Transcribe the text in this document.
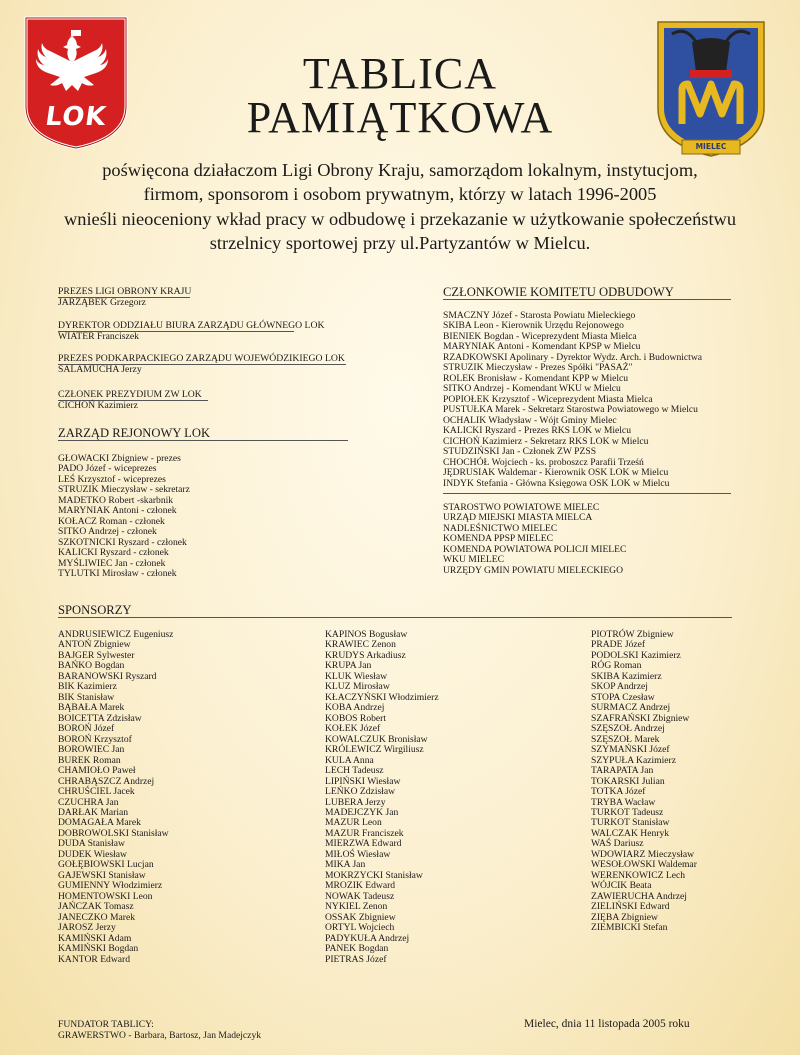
LOK
MIELEC
TABLICA PAMIĄTKOWA
poświęcona działaczom Ligi Obrony Kraju, samorządom lokalnym, instytucjom,
firmom, sponsorom i osobom prywatnym, którzy w latach 1996-2005
wnieśli nieoceniony wkład pracy w odbudowę i przekazanie w użytkowanie społeczeństwu
strzelnicy sportowej przy ul.Partyzantów w Mielcu.
PREZES LIGI OBRONY KRAJU
JARZĄBEK Grzegorz
DYREKTOR ODDZIAŁU BIURA ZARZĄDU GŁÓWNEGO LOK
WIATER Franciszek
PREZES PODKARPACKIEGO ZARZĄDU WOJEWÓDZIKIEGO LOK
SALAMUCHA Jerzy
CZŁONEK PREZYDIUM ZW LOK
CICHOŃ Kazimierz
ZARZĄD REJONOWY LOK
GŁOWACKI Zbigniew - prezes
PADO Józef - wiceprezes
LEŚ Krzysztof - wiceprezes
STRUZIK Mieczysław - sekretarz
MADETKO Robert -skarbnik
MARYNIAK Antoni - członek
KOŁACZ Roman - członek
SITKO Andrzej - członek
SZKOTNICKI Ryszard - członek
KALICKI Ryszard - członek
MYŚLIWIEC Jan - członek
TYLUTKI Mirosław - członek
CZŁONKOWIE KOMITETU ODBUDOWY
SMACZNY Józef - Starosta Powiatu Mieleckiego
SKIBA Leon - Kierownik Urzędu Rejonowego
BIENIEK Bogdan - Wiceprezydent Miasta Mielca
MARYNIAK Antoni - Komendant KPSP w Mielcu
RZADKOWSKI Apolinary - Dyrektor Wydz. Arch. i Budownictwa
STRUZIK Mieczysław - Prezes Spółki "PASAŻ"
ROLEK Bronisław - Komendant KPP w Mielcu
SITKO Andrzej - Komendant WKU w Mielcu
POPIOŁEK Krzysztof - Wiceprezydent Miasta Mielca
PUSTUŁKA Marek - Sekretarz Starostwa Powiatowego w Mielcu
OCHALIK Władysław - Wójt Gminy Mielec
KALICKI Ryszard - Prezes RKS LOK w Mielcu
CICHOŃ Kazimierz - Sekretarz RKS LOK w Mielcu
STUDZIŃSKI Jan - Członek ZW PZSS
CHOCHÓŁ Wojciech - ks. proboszcz Parafii Trześń
JĘDRUSIAK Waldemar - Kierownik OSK LOK w Mielcu
INDYK Stefania - Główna Księgowa OSK LOK w Mielcu
STAROSTWO POWIATOWE MIELEC
URZĄD MIEJSKI MIASTA MIELCA
NADLEŚNICTWO MIELEC
KOMENDA PPSP MIELEC
KOMENDA POWIATOWA POLICJI MIELEC
WKU MIELEC
URZĘDY GMIN POWIATU MIELECKIEGO
SPONSORZY
ANDRUSIEWICZ Eugeniusz
ANTOŃ Zbigniew
BAJGER Sylwester
BAŃKO Bogdan
BARANOWSKI Ryszard
BIK Kazimierz
BIK Stanisław
BĄBAŁA Marek
BOICETTA Zdzisław
BOROŃ Józef
BOROŃ Krzysztof
BOROWIEC Jan
BUREK Roman
CHAMIOŁO Paweł
CHRABĄSZCZ Andrzej
CHRUŚCIEL Jacek
CZUCHRA Jan
DARŁAK Marian
DOMAGAŁA Marek
DOBROWOLSKI Stanisław
DUDA Stanisław
DUDEK Wiesław
GOŁĘBIOWSKI Lucjan
GAJEWSKI Stanisław
GUMIENNY Włodzimierz
HOMENTOWSKI Leon
JAŃCZAK Tomasz
JANECZKO Marek
JAROSZ Jerzy
KAMIŃSKI Adam
KAMIŃSKI Bogdan
KANTOR Edward
KAPINOS Bogusław
KRAWIEC Zenon
KRUDYS Arkadiusz
KRUPA Jan
KLUK Wiesław
KLUZ Mirosław
KŁACZYŃSKI Włodzimierz
KOBA Andrzej
KOBOS Robert
KOŁEK Józef
KOWALCZUK Bronisław
KRÓLEWICZ Wirgiliusz
KULA Anna
LECH Tadeusz
LIPIŃSKI Wiesław
LEŃKO Zdzisław
LUBERA Jerzy
MADEJCZYK Jan
MAZUR Leon
MAZUR Franciszek
MIERZWA Edward
MIŁOŚ Wiesław
MIKA Jan
MOKRZYCKI Stanisław
MROZIK Edward
NOWAK Tadeusz
NYKIEL Zenon
OSSAK Zbigniew
ORTYL Wojciech
PADYKUŁA Andrzej
PANEK Bogdan
PIETRAS Józef
PIOTRÓW Zbigniew
PRADE Józef
PODOLSKI Kazimierz
RÓG Roman
SKIBA Kazimierz
SKOP Andrzej
STOPA Czesław
SURMACZ Andrzej
SZAFRAŃSKI Zbigniew
SZĘSZOŁ Andrzej
SZĘSZOŁ Marek
SZYMAŃSKI Józef
SZYPUŁA Kazimierz
TARAPATA Jan
TOKARSKI Julian
TOTKA Józef
TRYBA Wacław
TURKOT Tadeusz
TURKOT Stanisław
WALCZAK Henryk
WAŚ Dariusz
WDOWIARZ Mieczysław
WESOŁOWSKI Waldemar
WERENKOWICZ Lech
WÓJCIK Beata
ZAWIERUCHA Andrzej
ZIELIŃSKI Edward
ZIĘBA Zbigniew
ZIEMBICKI Stefan
FUNDATOR TABLICY:
GRAWERSTWO - Barbara, Bartosz, Jan Madejczyk
Mielec, dnia 11 listopada 2005 roku
